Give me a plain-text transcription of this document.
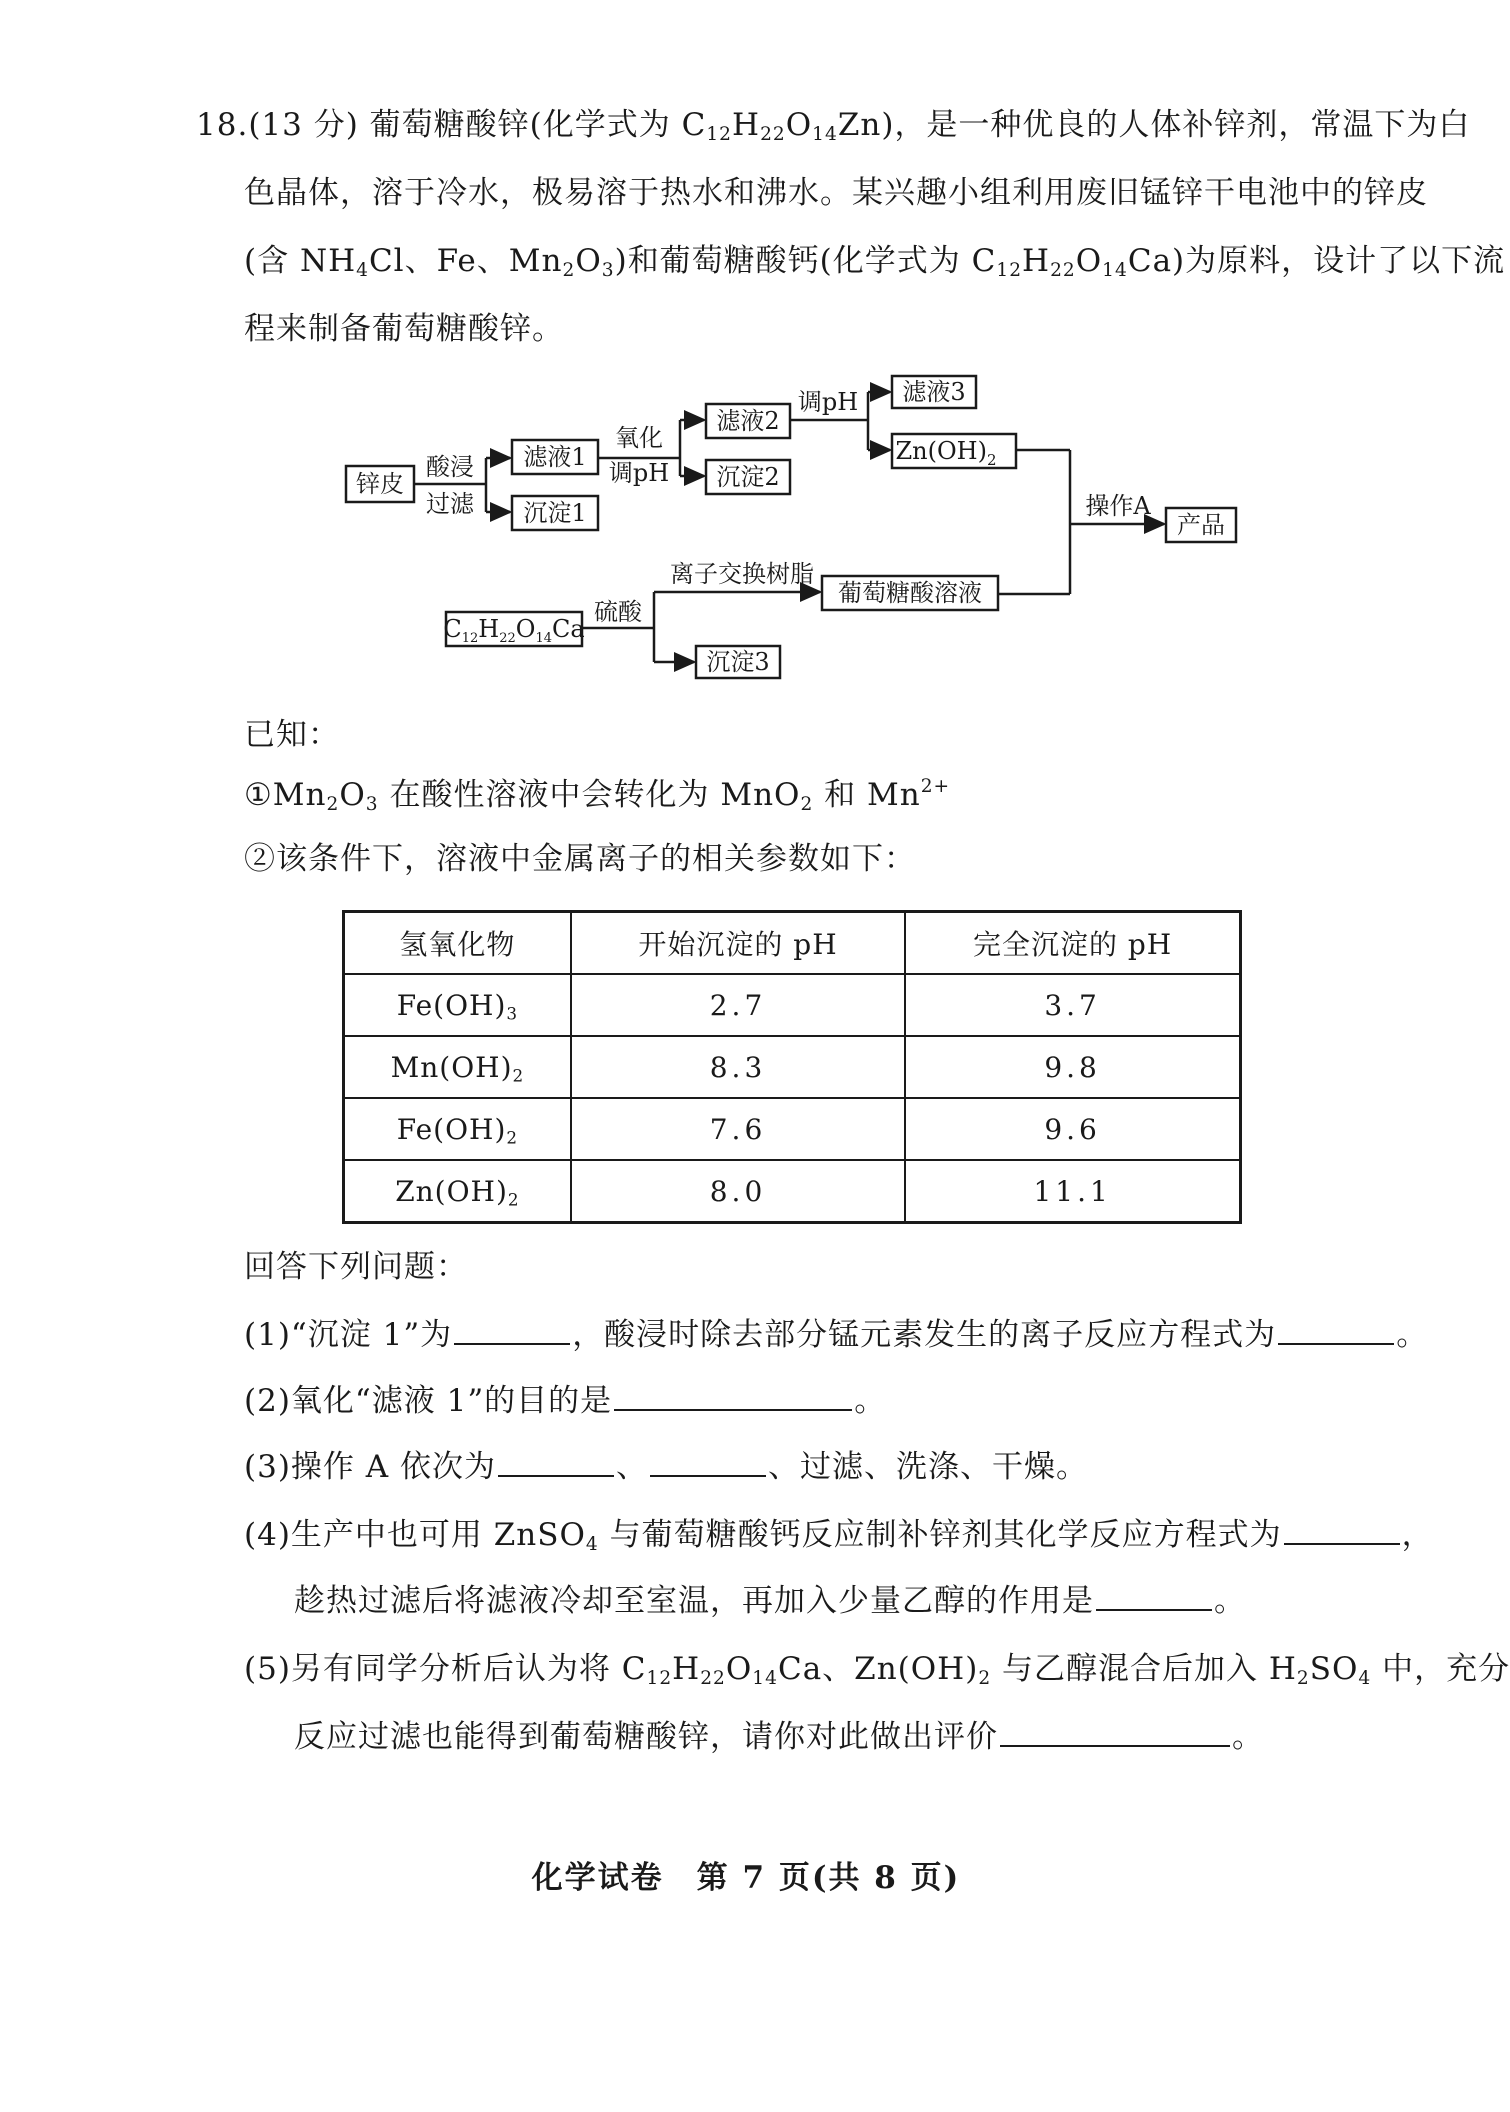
18.(13 分) 葡萄糖酸锌(化学式为 $C_{12}H_{22}O_{14}Zn$)，是一种优良的人体补锌剂，常温下为白
色晶体，溶于冷水，极易溶于热水和沸水。某兴趣小组利用废旧锰锌干电池中的锌皮
(含 $NH_4Cl$、Fe、$Mn_2O_3$)和葡萄糖酸钙(化学式为 $C_{12}H_{22}O_{14}Ca$)为原料，设计了以下流
程来制备葡萄糖酸锌。
锌皮
酸浸
过滤
滤液1
沉淀1
氧化
调pH
滤液2
沉淀2
调pH 滤液3
$Zn(OH)_2$
操作A
产品
$C_{12}H_{22}O_{14}Ca$
硫酸
离子交换树脂
葡萄糖酸溶液
沉淀3
已知：
$①Mn_2O_3$ 在酸性溶液中会转化为 MnO$_2$ 和 $Mn^{2+}$
②该条件下，溶液中金属离子的相关参数如下：
氢氧化物	开始沉淀的 pH	完全沉淀的 pH
$Fe(OH)_3$	2.7	3.7
$Mn(OH)_2$	8.3	9.8
$Fe(OH)_2$	7.6	9.6
$Zn(OH)_2$	8.0	11.1
回答下列问题：
(1)“沉淀 1”为	，酸浸时除去部分锰元素发生的离子反应方程式为	。
(2)氧化“滤液 1”的目的是	。
(3)操作 A 依次为	、	、过滤、洗涤、干燥。
(4)生产中也可用 ZnSO$_4$ 与葡萄糖酸钙反应制补锌剂其化学反应方程式为	，
趁热过滤后将滤液冷却至室温，再加入少量乙醇的作用是	。
(5)另有同学分析后认为将 $C_{12}H_{22}O_{14}Ca$、$Zn(OH)_2$ 与乙醇混合后加入 $H_2SO_4$ 中，充分
反应过滤也能得到葡萄糖酸锌，请你对此做出评价	。
化学试卷　第 7 页(共 8 页)
